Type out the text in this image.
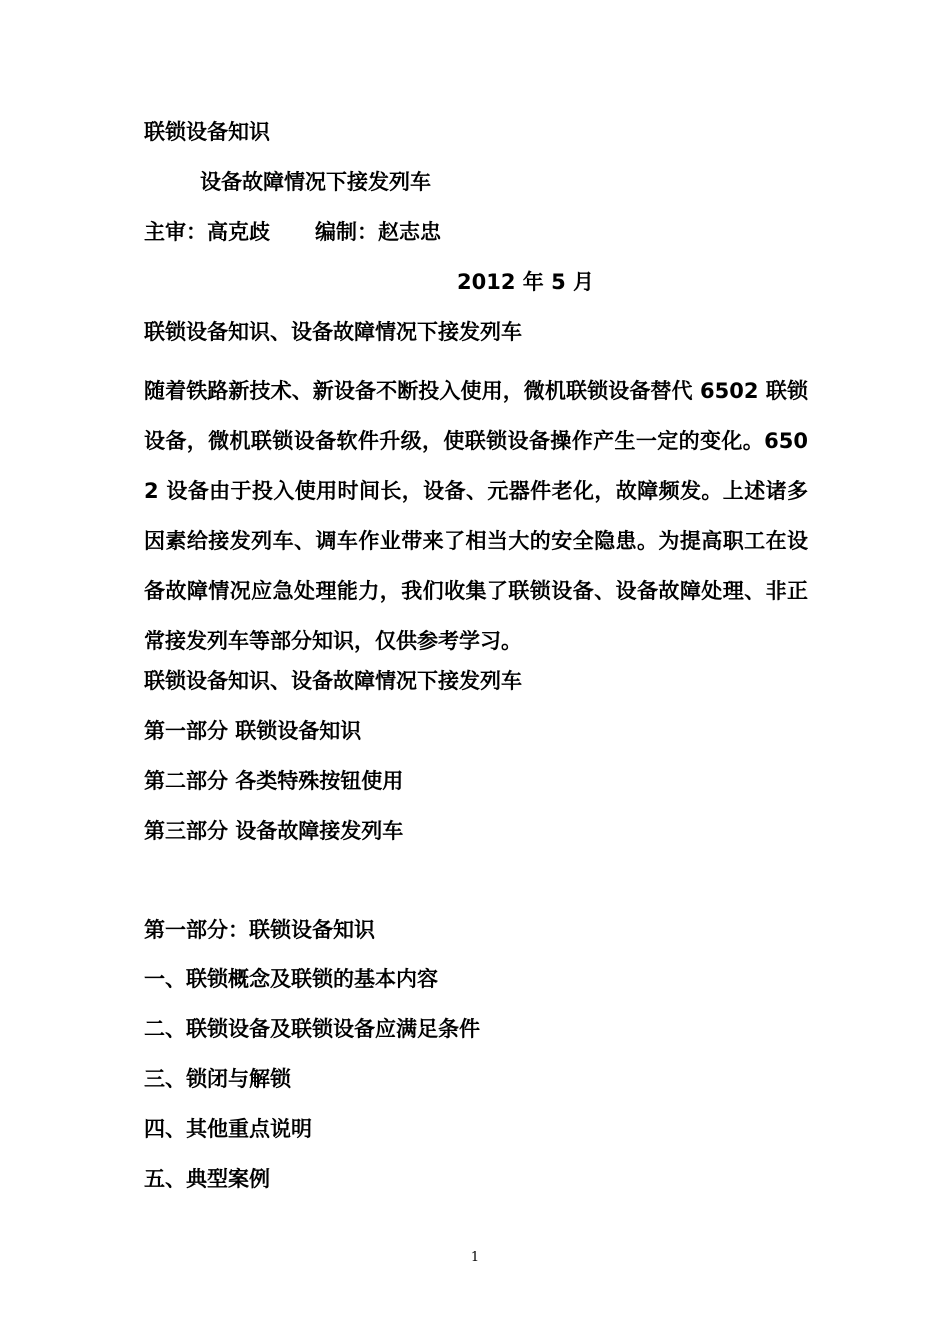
联锁设备知识
设备故障情况下接发列车
主审：高克歧 编制：赵志忠
2012 年 5 月
联锁设备知识、设备故障情况下接发列车
随着铁路新技术、新设备不断投入使用，微机联锁设备替代 6502 联锁设备，微机联锁设备软件升级，使联锁设备操作产生一定的变化。6502 设备由于投入使用时间长，设备、元器件老化，故障频发。上述诸多因素给接发列车、调车作业带来了相当大的安全隐患。为提高职工在设备故障情况应急处理能力，我们收集了联锁设备、设备故障处理、非正常接发列车等部分知识，仅供参考学习。
联锁设备知识、设备故障情况下接发列车
第一部分 联锁设备知识
第二部分 各类特殊按钮使用
第三部分 设备故障接发列车
第一部分：联锁设备知识
一、联锁概念及联锁的基本内容
二、联锁设备及联锁设备应满足条件
三、锁闭与解锁
四、其他重点说明
五、典型案例
1
